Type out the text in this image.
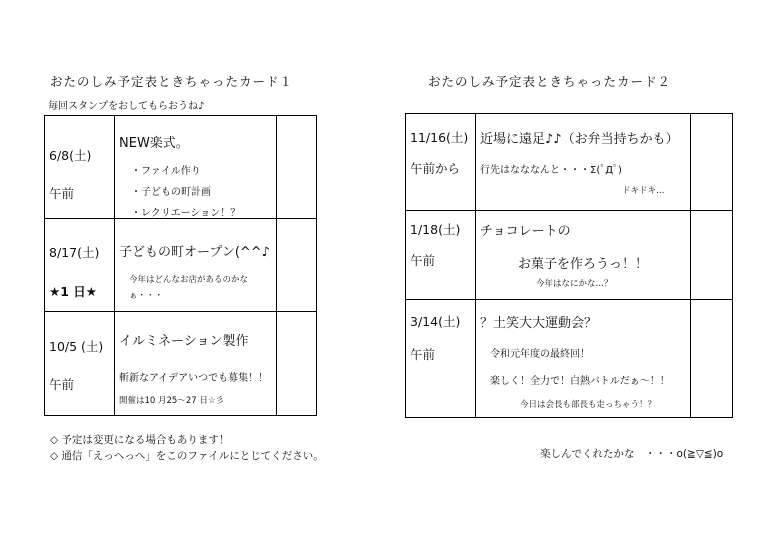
おたのしみ予定表ときちゃったカード１
毎回スタンプをおしてもらおうね♪
6/8(土)
午前	NEW楽式。
・ファイル作り
・子どもの町計画
・レクリエーション！？	

8/17(土)
★1 日★	子どもの町オープン(^^♪
今年はどんなお店があるのかな
ぁ・・・	

10/5 (土)
午前	イルミネーション製作
斬新なアイデアいつでも募集！！
開催は10 月25〜27 日☆彡	

◇ 予定は変更になる場合もあります！
◇ 通信「えっへっへ」をこのファイルにとじてください。
おたのしみ予定表ときちゃったカード２
11/16(土)
午前から	近場に遠足♪♪（お弁当持ちかも）
行先はなななんと・・・Σ(ﾟДﾟ)
ドキドキ…	

1/18(土)
午前	チョコレートの
お菓子を作ろうっ！！
今年はなにかな…？	

3/14(土)
午前	？土笑大大運動会？
令和元年度の最終回！
楽しく！全力で！白熱バトルだぁ〜！！
今日は会長も部長も走っちゃう！？	

楽しんでくれたかな　・・・o(≧▽≦)o
